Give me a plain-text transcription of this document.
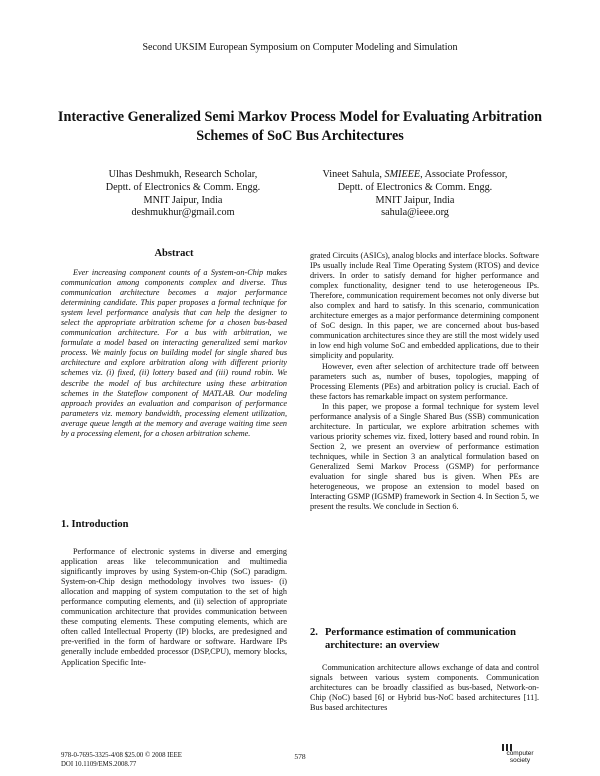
Second UKSIM European Symposium on Computer Modeling and Simulation
Interactive Generalized Semi Markov Process Model for Evaluating Arbitration
Schemes of SoC Bus Architectures
Ulhas Deshmukh, Research Scholar,
Deptt. of Electronics & Comm. Engg.
MNIT Jaipur, India
deshmukhur@gmail.com
Vineet Sahula, SMIEEE, Associate Professor,
Deptt. of Electronics & Comm. Engg.
MNIT Jaipur, India
sahula@ieee.org
Abstract

Ever increasing component counts of a System-on-Chip makes communication among components complex and diverse. Thus communication architecture becomes a major performance determining candidate. This paper proposes a formal technique for system level performance analysis that can help the designer to select the appropriate arbitration scheme for a chosen bus-based communication architecture. For a bus with arbitration, we formulate a model based on interacting generalized semi markov process. We mainly focus on building model for single shared bus architecture and explore arbitration along with different priority schemes viz. (i) fixed, (ii) lottery based and (iii) round robin. We describe the model of bus architecture using these arbitration schemes in the Stateflow component of MATLAB. Our modeling approach provides an evaluation and comparison of performance parameters viz. memory bandwidth, processing element utilization, average queue length at the memory and average waiting time seen by a processing element, for a chosen arbitration scheme.

1. Introduction

Performance of electronic systems in diverse and emerging application areas like telecommunication and multimedia significantly improves by using System-on-Chip (SoC) paradigm. System-on-Chip design methodology involves two issues- (i) allocation and mapping of system computation to the set of high performance computing elements, and (ii) selection of appropriate communication architecture that provides communication between these computing elements. These computing elements, which are often called Intellectual Property (IP) blocks, are predesigned and pre-verified in the form of hardware or software. Hardware IPs generally include embedded processor (DSP,CPU), memory blocks, Application Specific Inte-

grated Circuits (ASICs), analog blocks and interface blocks. Software IPs usually include Real Time Operating System (RTOS) and device drivers. In order to satisfy demand for higher performance and complex functionality, designer tend to use heterogeneous IPs. Therefore, communication requirement becomes not only diverse but also complex and hard to satisfy. In this scenario, communication architecture emerges as a major performance determining component of SoC design. In this paper, we are concerned about bus-based communication architectures since they are still the most widely used in low end high volume SoC and embedded applications, due to their simplicity and popularity.

However, even after selection of architecture trade off between parameters such as, number of buses, topologies, mapping of Processing Elements (PEs) and arbitration policy is crucial. Each of these factors has remarkable impact on system performance.

In this paper, we propose a formal technique for system level performance analysis of a Single Shared Bus (SSB) communication architecture. In particular, we explore arbitration schemes with various priority schemes viz. fixed, lottery based and round robin. In Section 2, we present an overview of performance estimation techniques, while in Section 3 an analytical formulation based on Generalized Semi Markov Process (GSMP) for performance evaluation for single shared bus is given. When PEs are heterogeneous, we propose an extension to model based on Interacting GSMP (IGSMP) framework in Section 4. In Section 5, we present the results. We conclude in Section 6.

2. Performance estimation of communication
architecture: an overview

Communication architecture allows exchange of data and control signals between various system components. Communication architectures can be broadly classified as bus-based, Network-on-Chip (NoC) based [6] or Hybrid bus-NoC based architectures [11]. Bus based architectures

978-0-7695-3325-4/08 $25.00 © 2008 IEEE
DOI 10.1109/EMS.2008.77
578	computer
society
